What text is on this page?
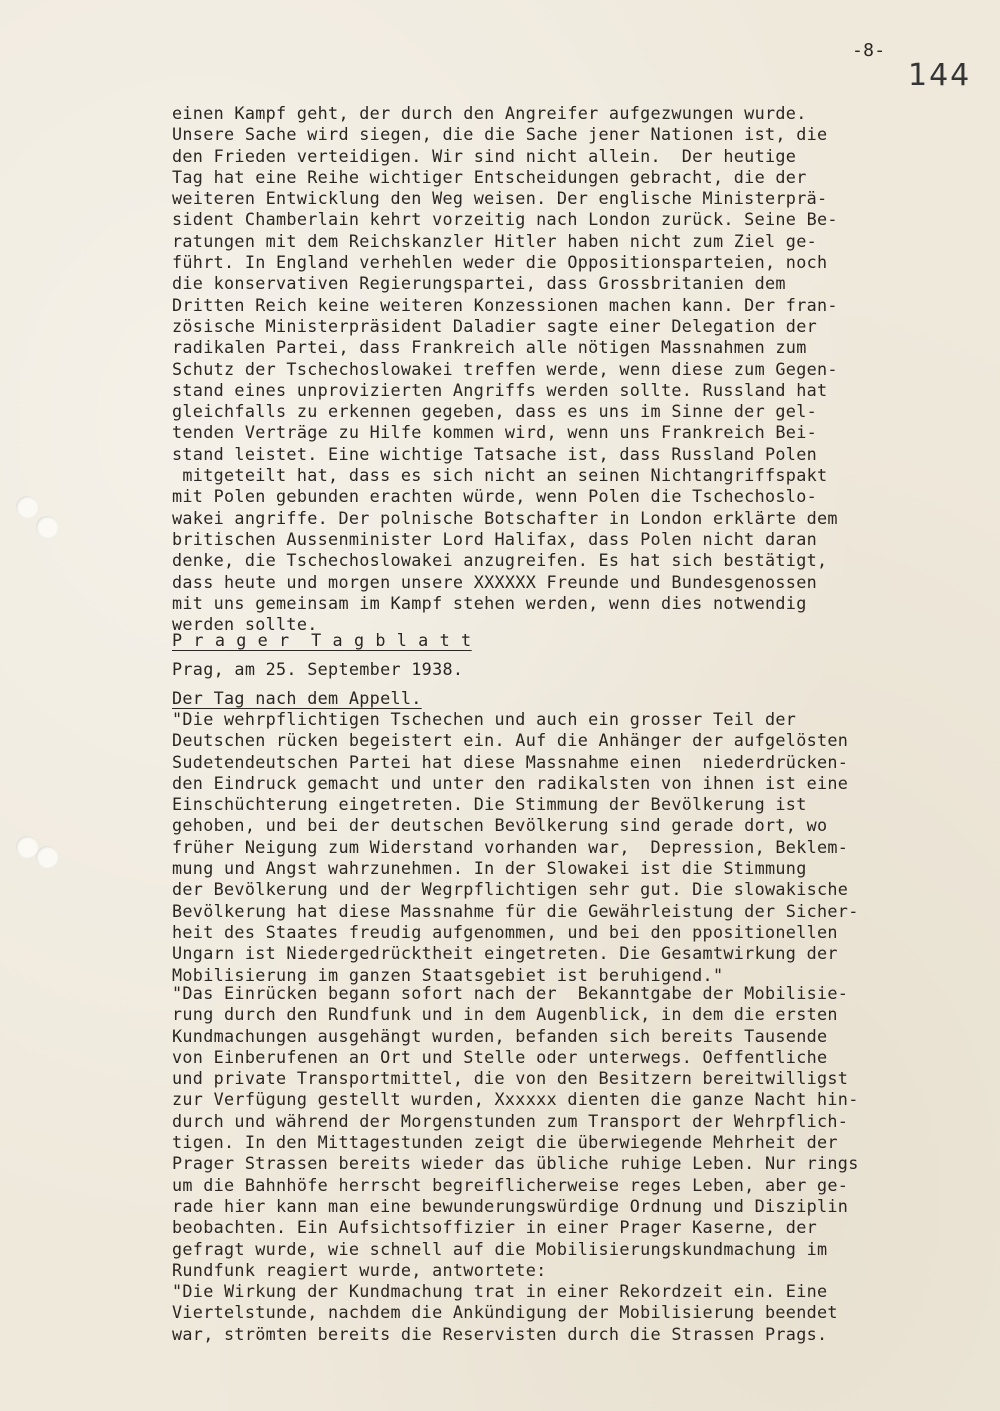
-8-
144
einen Kampf geht, der durch den Angreifer aufgezwungen wurde.
Unsere Sache wird siegen, die die Sache jener Nationen ist, die
den Frieden verteidigen. Wir sind nicht allein.  Der heutige
Tag hat eine Reihe wichtiger Entscheidungen gebracht, die der
weiteren Entwicklung den Weg weisen. Der englische Ministerprä-
sident Chamberlain kehrt vorzeitig nach London zurück. Seine Be-
ratungen mit dem Reichskanzler Hitler haben nicht zum Ziel ge-
führt. In England verhehlen weder die Oppositionsparteien, noch
die konservativen Regierungspartei, dass Grossbritanien dem
Dritten Reich keine weiteren Konzessionen machen kann. Der fran-
zösische Ministerpräsident Daladier sagte einer Delegation der
radikalen Partei, dass Frankreich alle nötigen Massnahmen zum
Schutz der Tschechoslowakei treffen werde, wenn diese zum Gegen-
stand eines unprovizierten Angriffs werden sollte. Russland hat
gleichfalls zu erkennen gegeben, dass es uns im Sinne der gel-
tenden Verträge zu Hilfe kommen wird, wenn uns Frankreich Bei-
stand leistet. Eine wichtige Tatsache ist, dass Russland Polen
mitgeteilt hat, dass es sich nicht an seinen Nichtangriffspakt
mit Polen gebunden erachten würde, wenn Polen die Tschechoslo-
wakei angriffe. Der polnische Botschafter in London erklärte dem
britischen Aussenminister Lord Halifax, dass Polen nicht daran
denke, die Tschechoslowakei anzugreifen. Es hat sich bestätigt,
dass heute und morgen unsere XXXXXX Freunde und Bundesgenossen
mit uns gemeinsam im Kampf stehen werden, wenn dies notwendig
werden sollte.
P r a g e r  T a g b l a t t
Prag, am 25. September 1938.
Der Tag nach dem Appell.
"Die wehrpflichtigen Tschechen und auch ein grosser Teil der
Deutschen rücken begeistert ein. Auf die Anhänger der aufgelösten
Sudetendeutschen Partei hat diese Massnahme einen  niederdrücken-
den Eindruck gemacht und unter den radikalsten von ihnen ist eine
Einschüchterung eingetreten. Die Stimmung der Bevölkerung ist
gehoben, und bei der deutschen Bevölkerung sind gerade dort, wo
früher Neigung zum Widerstand vorhanden war,  Depression, Beklem-
mung und Angst wahrzunehmen. In der Slowakei ist die Stimmung
der Bevölkerung und der Wegrpflichtigen sehr gut. Die slowakische
Bevölkerung hat diese Massnahme für die Gewährleistung der Sicher-
heit des Staates freudig aufgenommen, und bei den ppositionellen
Ungarn ist Niedergedrücktheit eingetreten. Die Gesamtwirkung der
Mobilisierung im ganzen Staatsgebiet ist beruhigend."
"Das Einrücken begann sofort nach der  Bekanntgabe der Mobilisie-
rung durch den Rundfunk und in dem Augenblick, in dem die ersten
Kundmachungen ausgehängt wurden, befanden sich bereits Tausende
von Einberufenen an Ort und Stelle oder unterwegs. Oeffentliche
und private Transportmittel, die von den Besitzern bereitwilligst
zur Verfügung gestellt wurden, Xxxxxx dienten die ganze Nacht hin-
durch und während der Morgenstunden zum Transport der Wehrpflich-
tigen. In den Mittagestunden zeigt die überwiegende Mehrheit der
Prager Strassen bereits wieder das übliche ruhige Leben. Nur rings
um die Bahnhöfe herrscht begreiflicherweise reges Leben, aber ge-
rade hier kann man eine bewunderungswürdige Ordnung und Disziplin
beobachten. Ein Aufsichtsoffizier in einer Prager Kaserne, der
gefragt wurde, wie schnell auf die Mobilisierungskundmachung im
Rundfunk reagiert wurde, antwortete:
"Die Wirkung der Kundmachung trat in einer Rekordzeit ein. Eine
Viertelstunde, nachdem die Ankündigung der Mobilisierung beendet
war, strömten bereits die Reservisten durch die Strassen Prags.
